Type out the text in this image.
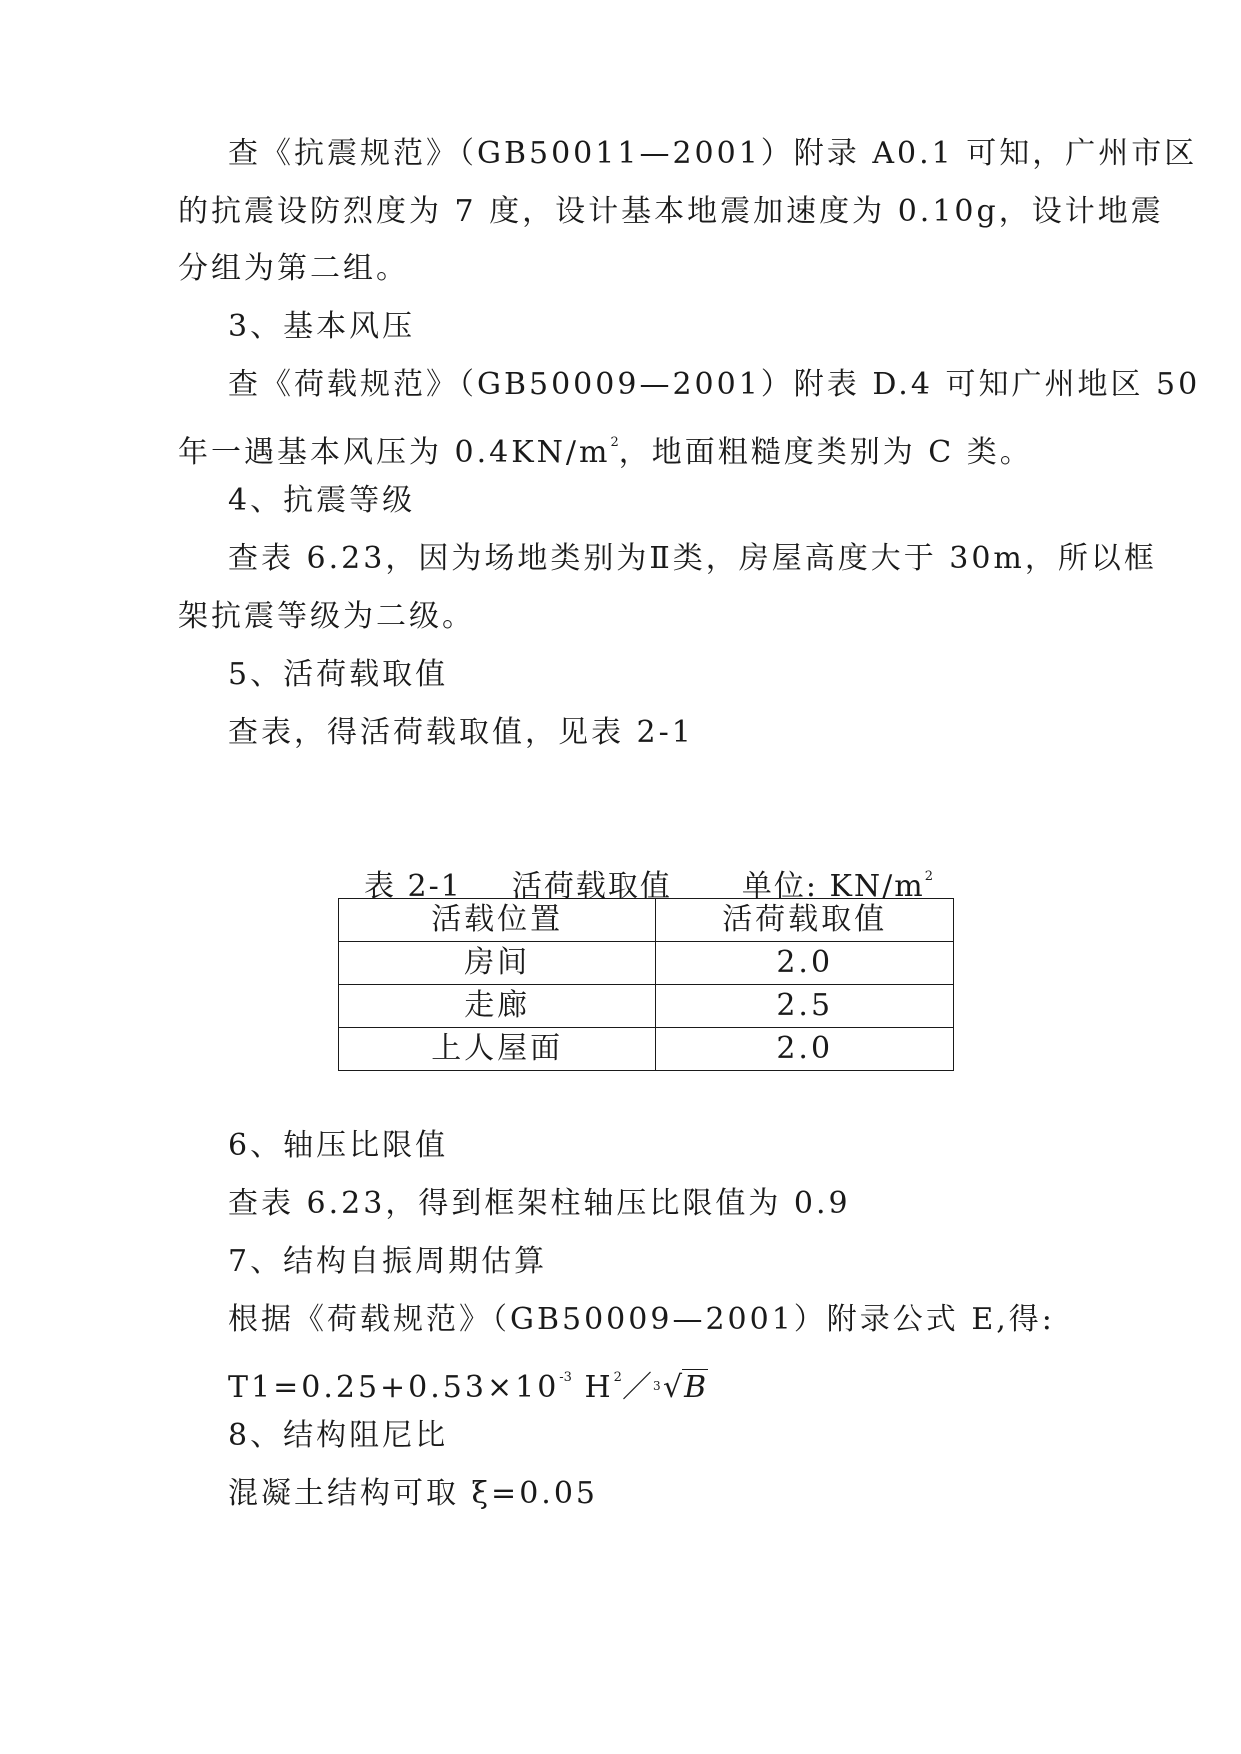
查《抗震规范》（GB50011—2001）附录 A0.1 可知，广州市区
的抗震设防烈度为 7 度，设计基本地震加速度为 0.10g，设计地震
分组为第二组。
3、基本风压
查《荷载规范》（GB50009—2001）附表 D.4 可知广州地区 50
年一遇基本风压为 $0.4KN/m^2$，地面粗糙度类别为 C 类。
4、抗震等级
查表 6.23，因为场地类别为Ⅱ类，房屋高度大于 30m，所以框
架抗震等级为二级。
5、活荷载取值
查表，得活荷载取值，见表 2-1
表 2-1 活荷载取值 单位: $KN/m^2$
活载位置	活荷载取值
房间	2.0
走廊	2.5
上人屋面	2.0
6、轴压比限值
查表 6.23，得到框架柱轴压比限值为 0.9
7、结构自振周期估算
根据《荷载规范》（GB50009—2001）附录公式 E,得:
$T1=0.25+0.53\times 10^{-3}$ $H^2/$
3 √B
8、结构阻尼比
混凝土结构可取 ξ=0.05
